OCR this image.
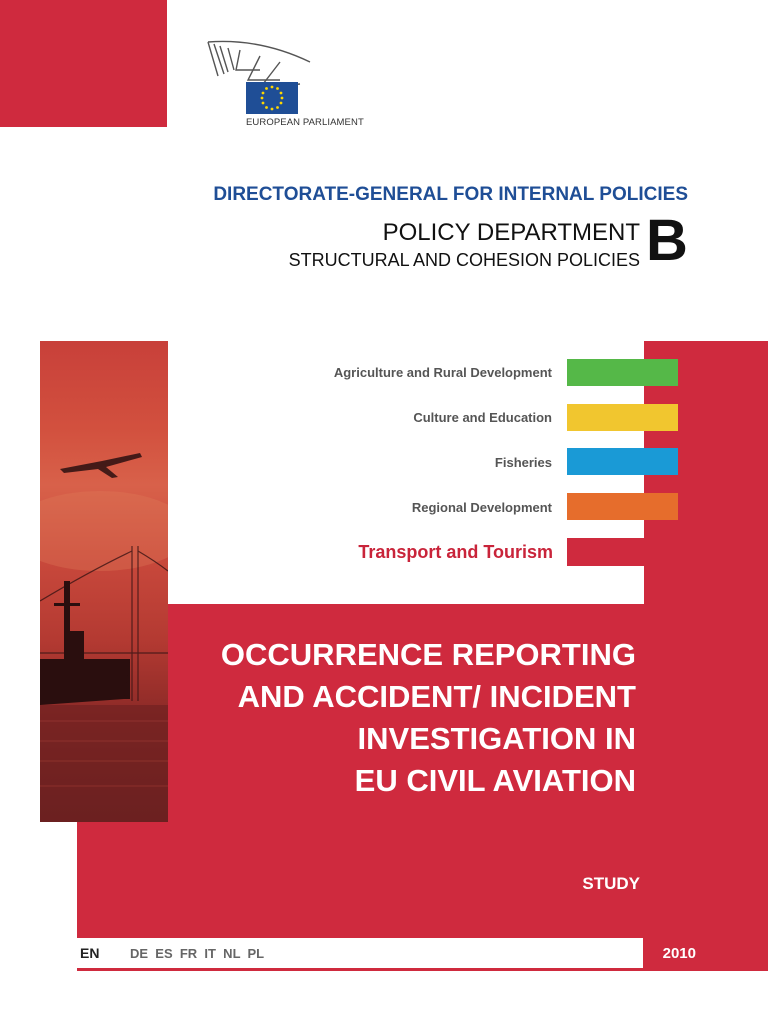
EUROPEAN PARLIAMENT
DIRECTORATE-GENERAL FOR INTERNAL POLICIES
POLICY DEPARTMENT
STRUCTURAL AND COHESION POLICIES B
Agriculture and Rural Development
Culture and Education
Fisheries
Regional Development
Transport and Tourism
OCCURRENCE REPORTING
AND ACCIDENT/ INCIDENT
INVESTIGATION IN
EU CIVIL AVIATION
STUDY
EN DE  ES  FR  IT  NL  PL	2010
